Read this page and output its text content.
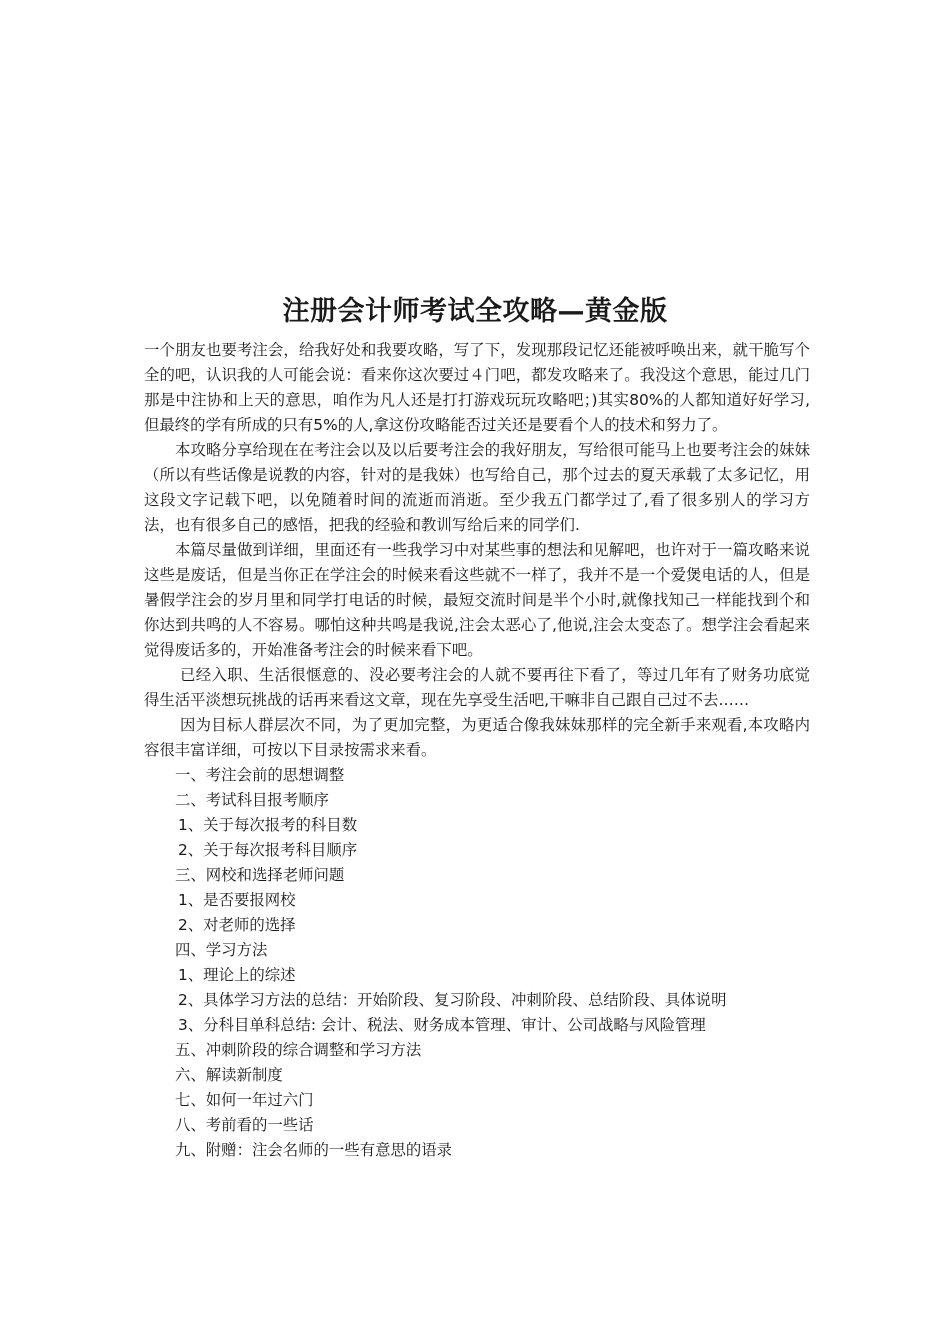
注册会计师考试全攻略—黄金版

一个朋友也要考注会，给我好处和我要攻略，写了下，发现那段记忆还能被呼唤出来，就干脆写个全的吧，认识我的人可能会说：看来你这次要过４门吧，都发攻略来了。我没这个意思，能过几门那是中注协和上天的意思，咱作为凡人还是打打游戏玩玩攻略吧；)其实80%的人都知道好好学习,但最终的学有所成的只有5%的人,拿这份攻略能否过关还是要看个人的技术和努力了。

本攻略分享给现在在考注会以及以后要考注会的我好朋友，写给很可能马上也要考注会的妹妹（所以有些话像是说教的内容，针对的是我妹）也写给自己，那个过去的夏天承载了太多记忆，用这段文字记载下吧，以免随着时间的流逝而消逝。至少我五门都学过了,看了很多别人的学习方法，也有很多自己的感悟，把我的经验和教训写给后来的同学们.

本篇尽量做到详细，里面还有一些我学习中对某些事的想法和见解吧，也许对于一篇攻略来说这些是废话，但是当你正在学注会的时候来看这些就不一样了，我并不是一个爱煲电话的人，但是暑假学注会的岁月里和同学打电话的时候，最短交流时间是半个小时,就像找知己一样能找到个和你达到共鸣的人不容易。哪怕这种共鸣是我说,注会太恶心了,他说,注会太变态了。想学注会看起来觉得废话多的，开始准备考注会的时候来看下吧。

已经入职、生活很惬意的、没必要考注会的人就不要再往下看了，等过几年有了财务功底觉得生活平淡想玩挑战的话再来看这文章，现在先享受生活吧,干嘛非自己跟自己过不去……

因为目标人群层次不同，为了更加完整，为更适合像我妹妹那样的完全新手来观看,本攻略内容很丰富详细，可按以下目录按需求来看。

一、考注会前的思想调整
二、考试科目报考顺序
1、关于每次报考的科目数
2、关于每次报考科目顺序
三、网校和选择老师问题
1、是否要报网校
2、对老师的选择
四、学习方法
1、理论上的综述
2、具体学习方法的总结：开始阶段、复习阶段、冲刺阶段、总结阶段、具体说明
3、分科目单科总结: 会计、税法、财务成本管理、审计、公司战略与风险管理
五、冲刺阶段的综合调整和学习方法
六、解读新制度
七、如何一年过六门
八、考前看的一些话
九、附赠：注会名师的一些有意思的语录
